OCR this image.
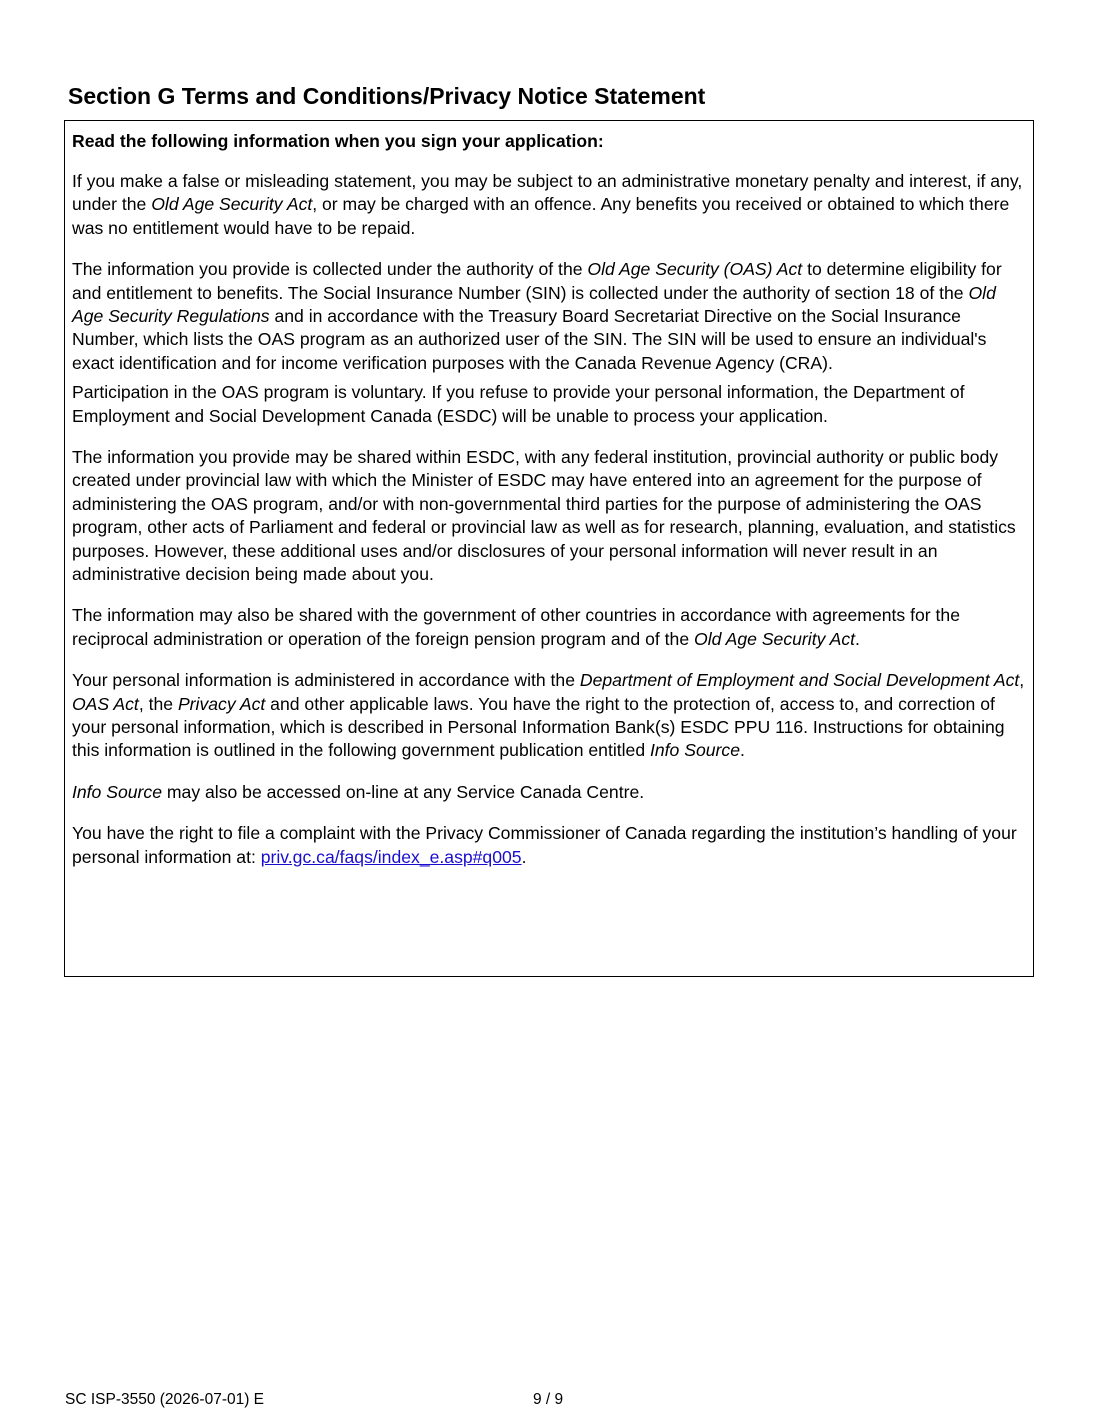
Section G Terms and Conditions/Privacy Notice Statement

Read the following information when you sign your application:

If you make a false or misleading statement, you may be subject to an administrative monetary penalty and interest, if any, under the Old Age Security Act, or may be charged with an offence. Any benefits you received or obtained to which there was no entitlement would have to be repaid.

The information you provide is collected under the authority of the Old Age Security (OAS) Act to determine eligibility for and entitlement to benefits. The Social Insurance Number (SIN) is collected under the authority of section 18 of the Old Age Security Regulations and in accordance with the Treasury Board Secretariat Directive on the Social Insurance Number, which lists the OAS program as an authorized user of the SIN. The SIN will be used to ensure an individual's exact identification and for income verification purposes with the Canada Revenue Agency (CRA).

Participation in the OAS program is voluntary. If you refuse to provide your personal information, the Department of Employment and Social Development Canada (ESDC) will be unable to process your application.

The information you provide may be shared within ESDC, with any federal institution, provincial authority or public body created under provincial law with which the Minister of ESDC may have entered into an agreement for the purpose of administering the OAS program, and/or with non-governmental third parties for the purpose of administering the OAS program, other acts of Parliament and federal or provincial law as well as for research, planning, evaluation, and statistics purposes. However, these additional uses and/or disclosures of your personal information will never result in an administrative decision being made about you.

The information may also be shared with the government of other countries in accordance with agreements for the reciprocal administration or operation of the foreign pension program and of the Old Age Security Act.

Your personal information is administered in accordance with the Department of Employment and Social Development Act, OAS Act, the Privacy Act and other applicable laws. You have the right to the protection of, access to, and correction of your personal information, which is described in Personal Information Bank(s) ESDC PPU 116. Instructions for obtaining this information is outlined in the following government publication entitled Info Source.

Info Source may also be accessed on-line at any Service Canada Centre.

You have the right to file a complaint with the Privacy Commissioner of Canada regarding the institution’s handling of your personal information at: priv.gc.ca/faqs/index_e.asp#q005.

SC ISP-3550 (2026-07-01) E	9 / 9
